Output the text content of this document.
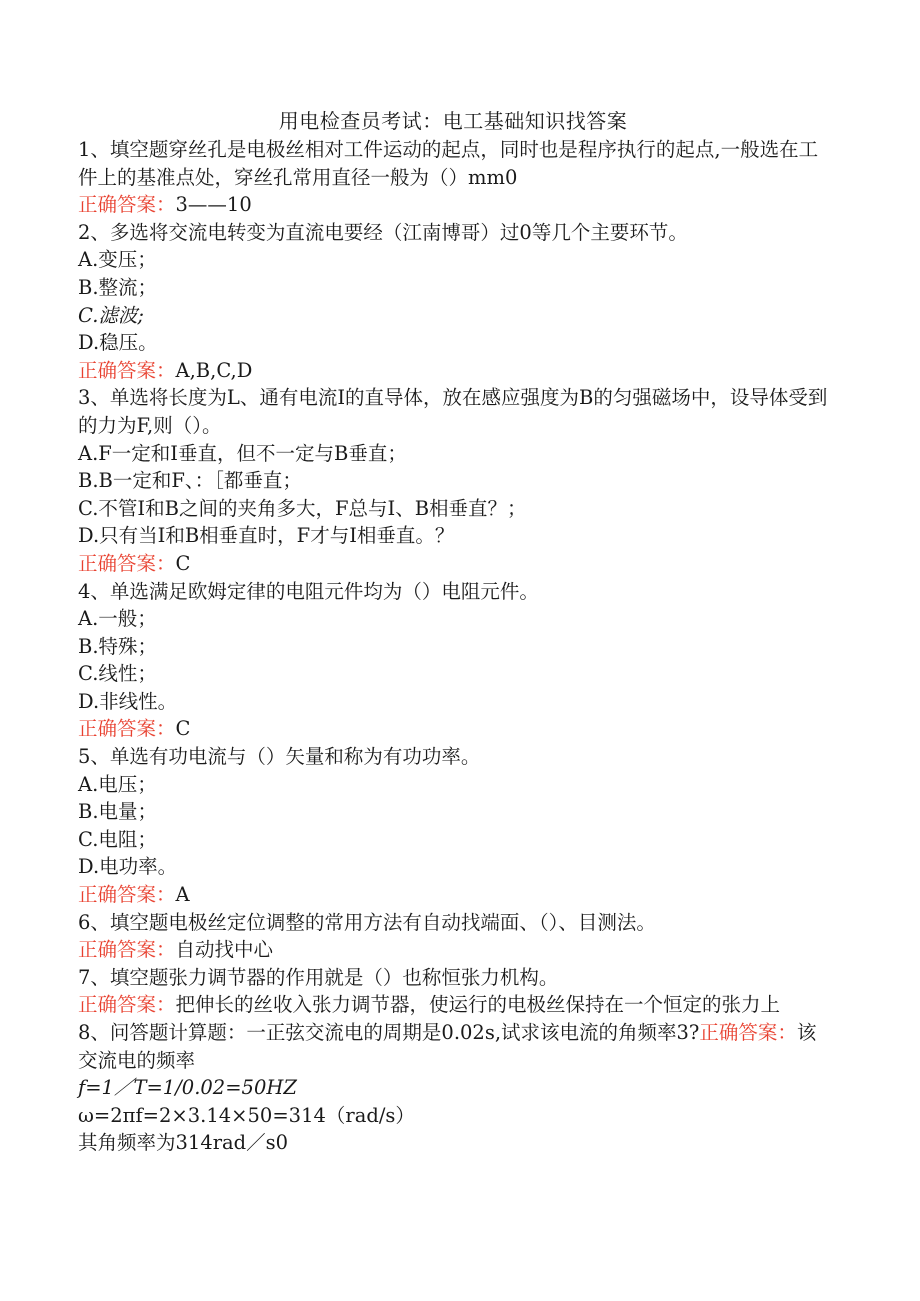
用电检查员考试：电工基础知识找答案
1、填空题穿丝孔是电极丝相对工件运动的起点，同时也是程序执行的起点,一般选在工件上的基准点处，穿丝孔常用直径一般为（）mm0
正确答案：3——10
2、多选将交流电转变为直流电要经（江南博哥）过0等几个主要环节。
A.变压；
B.整流；
C.滤波;
D.稳压。
正确答案：A,B,C,D
3、单选将长度为L、通有电流I的直导体，放在感应强度为B的匀强磁场中，设导体受到的力为F,则（）。
A.F一定和I垂直，但不一定与B垂直；
B.B一定和F、：［都垂直；
C.不管I和B之间的夹角多大，F总与I、B相垂直？；
D.只有当I和B相垂直时，F才与I相垂直。？
正确答案：C
4、单选满足欧姆定律的电阻元件均为（）电阻元件。
A.一般；
B.特殊；
C.线性；
D.非线性。
正确答案：C
5、单选有功电流与（）矢量和称为有功功率。
A.电压；
B.电量；
C.电阻；
D.电功率。
正确答案：A
6、填空题电极丝定位调整的常用方法有自动找端面、（）、目测法。
正确答案：自动找中心
7、填空题张力调节器的作用就是（）也称恒张力机构。
正确答案：把伸长的丝收入张力调节器，使运行的电极丝保持在一个恒定的张力上
8、问答题计算题：一正弦交流电的周期是0.02s,试求该电流的角频率3?正确答案：该交流电的频率
f=1／T=1/0.02=50HZ
ω=2πf=2×3.14×50=314（rad/s）
其角频率为314rad／s0
